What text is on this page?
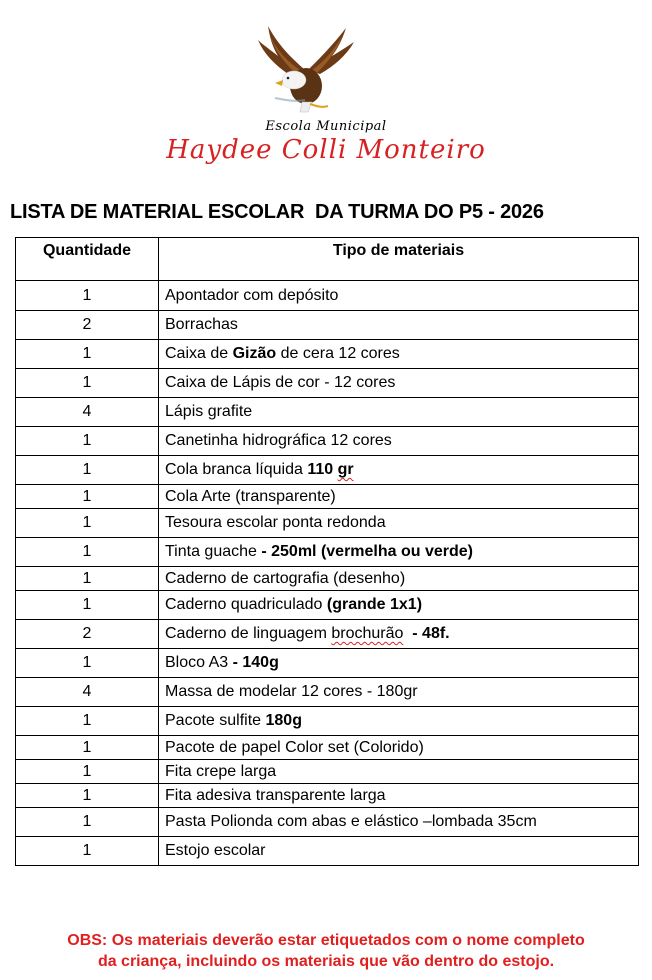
Escola Municipal
Haydee Colli Monteiro
LISTA DE MATERIAL ESCOLAR  DA TURMA DO P5 - 2026
Quantidade	Tipo de materiais
1	Apontador com depósito
2	Borrachas
1	Caixa de Gizão de cera 12 cores
1	Caixa de Lápis de cor - 12 cores
4	Lápis grafite
1	Canetinha hidrográfica 12 cores
1	Cola branca líquida 110 gr
1	Cola Arte (transparente)
1	Tesoura escolar ponta redonda
1	Tinta guache - 250ml (vermelha ou verde)
1	Caderno de cartografia (desenho)
1	Caderno quadriculado (grande 1x1)
2	Caderno de linguagem brochurão  - 48f.
1	Bloco A3 - 140g
4	Massa de modelar 12 cores - 180gr
1	Pacote sulfite 180g
1	Pacote de papel Color set (Colorido)
1	Fita crepe larga
1	Fita adesiva transparente larga
1	Pasta Polionda com abas e elástico –lombada 35cm
1	Estojo escolar
OBS: Os materiais deverão estar etiquetados com o nome completo
da criança, incluindo os materiais que vão dentro do estojo.
